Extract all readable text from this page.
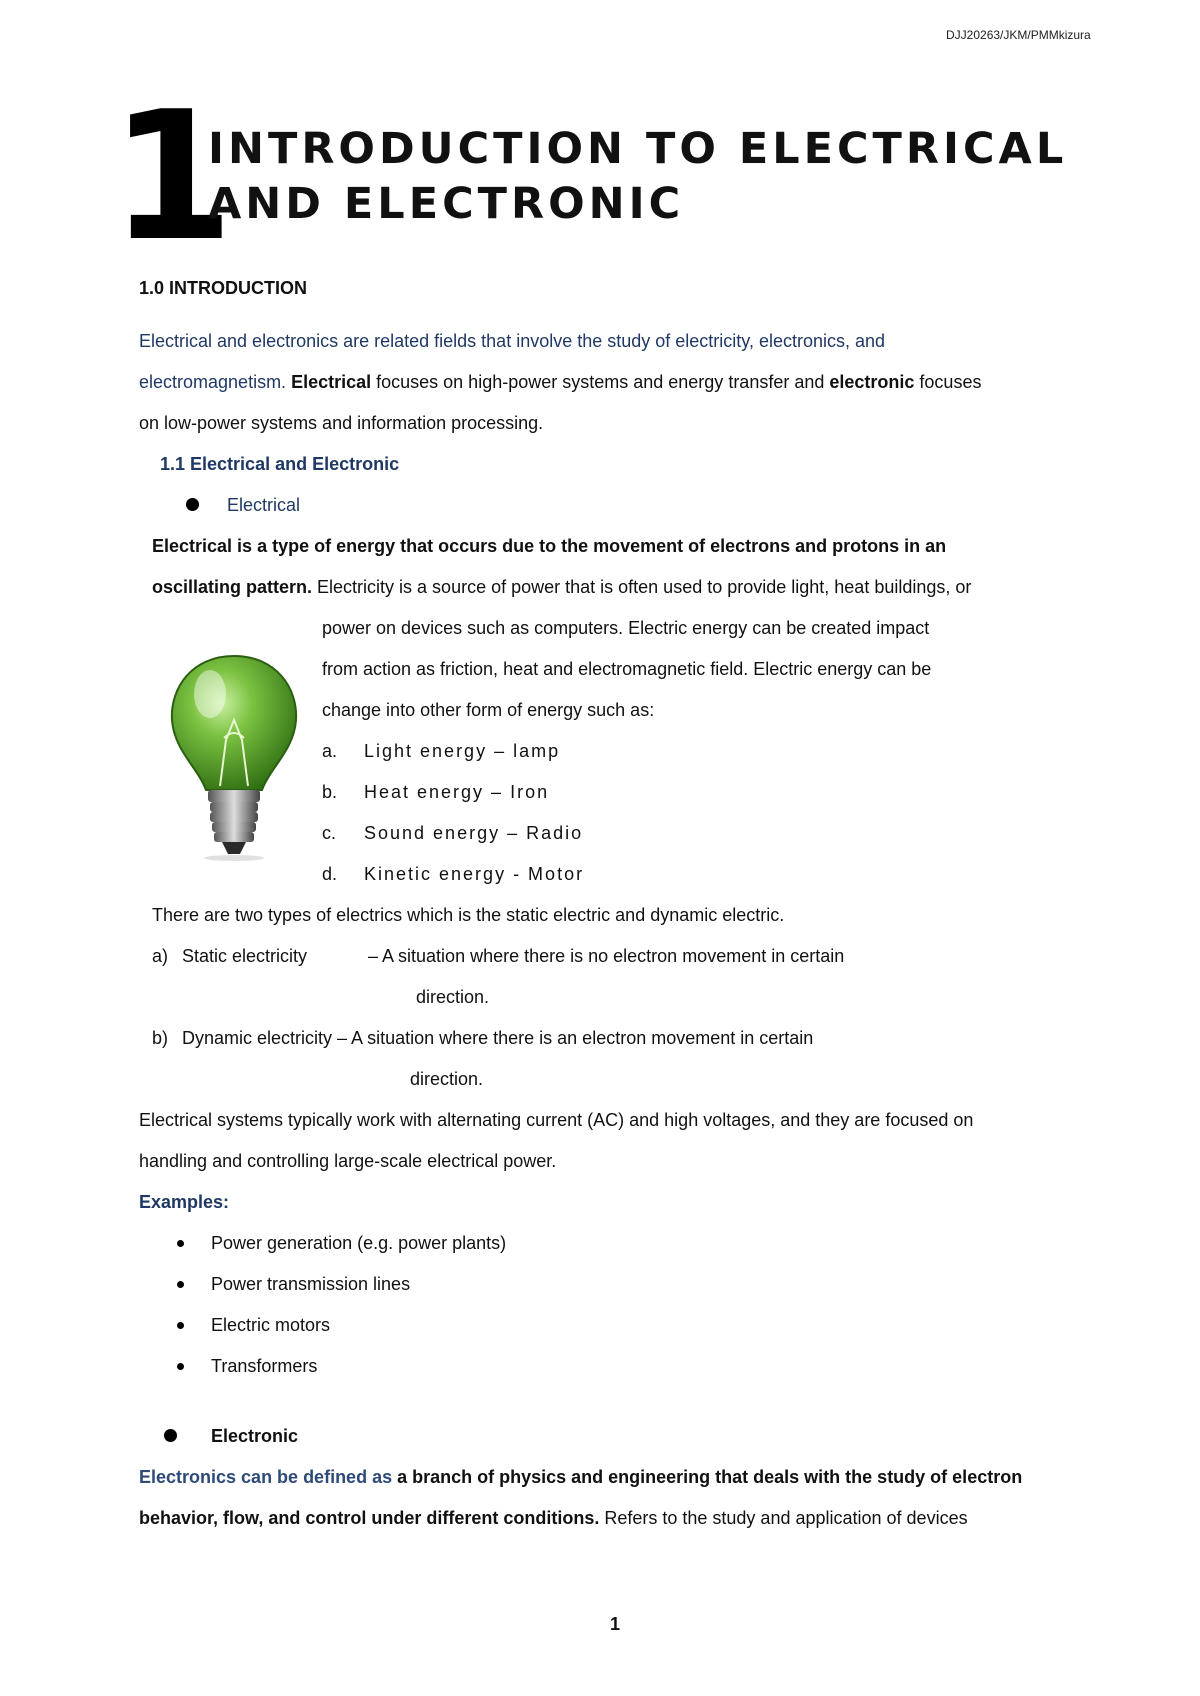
DJJ20263/JKM/PMMkizura
1
INTRODUCTION TO ELECTRICAL
AND ELECTRONIC
1.0 INTRODUCTION
Electrical and electronics are related fields that involve the study of electricity, electronics, and
electromagnetism. Electrical focuses on high-power systems and energy transfer and electronic focuses
on low-power systems and information processing.
1.1 Electrical and Electronic
Electrical
Electrical is a type of energy that occurs due to the movement of electrons and protons in an
oscillating pattern. Electricity is a source of power that is often used to provide light, heat buildings, or
power on devices such as computers. Electric energy can be created impact
from action as friction, heat and electromagnetic field. Electric energy can be
change into other form of energy such as:
a. Light energy – lamp
b. Heat energy – Iron
c. Sound energy – Radio
d. Kinetic energy - Motor
There are two types of electrics which is the static electric and dynamic electric.
a) Static electricity	– A situation where there is no electron movement in certain
direction.
b) Dynamic electricity – A situation where there is an electron movement in certain
direction.
Electrical systems typically work with alternating current (AC) and high voltages, and they are focused on
handling and controlling large-scale electrical power.
Examples:
Power generation (e.g. power plants)
Power transmission lines
Electric motors
Transformers
Electronic
Electronics can be defined as a branch of physics and engineering that deals with the study of electron
behavior, flow, and control under different conditions. Refers to the study and application of devices
1
